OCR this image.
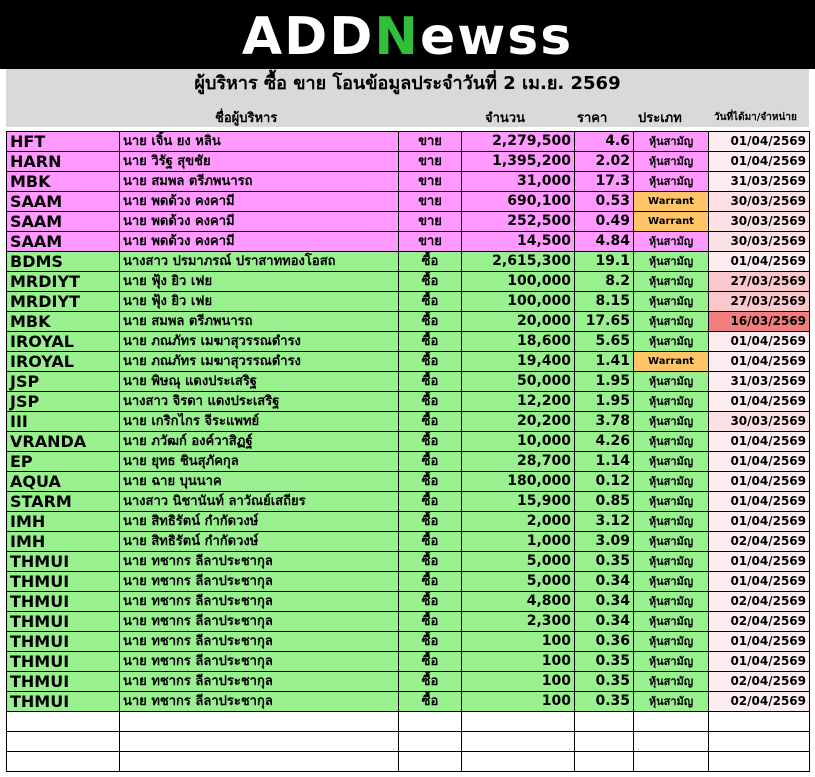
ADDNewss
ผู้บริหาร ซื้อ ขาย โอนข้อมูลประจำวันที่ 2 เม.ย. 2569
ชื่อผู้บริหาร	จำนวน	ราคา ประเภท	วันที่ได้มา/จำหน่าย
HFT	นาย เจิ้น ยง หลิน	ขาย	2,279,500	4.6	หุ้นสามัญ	01/04/2569
HARN	นาย วิรัฐ สุขชัย	ขาย	1,395,200	2.02	หุ้นสามัญ	01/04/2569
MBK	นาย สมพล ตรีภพนารถ	ขาย	31,000	17.3	หุ้นสามัญ	31/03/2569
SAAM	นาย พดด้วง คงคามี	ขาย	690,100	0.53	Warrant	30/03/2569
SAAM	นาย พดด้วง คงคามี	ขาย	252,500	0.49	Warrant	30/03/2569
SAAM	นาย พดด้วง คงคามี	ขาย	14,500	4.84	หุ้นสามัญ	30/03/2569
BDMS	นางสาว ปรมาภรณ์ ปราสาททองโอสถ	ซื้อ	2,615,300	19.1	หุ้นสามัญ	01/04/2569
MRDIYT	นาย ฟุ้ง ยิว เฟย	ซื้อ	100,000	8.2	หุ้นสามัญ	27/03/2569
MRDIYT	นาย ฟุ้ง ยิว เฟย	ซื้อ	100,000	8.15	หุ้นสามัญ	27/03/2569
MBK	นาย สมพล ตรีภพนารถ	ซื้อ	20,000	17.65	หุ้นสามัญ	16/03/2569
IROYAL	นาย ภณภัทร เมฆาสุวรรณดำรง	ซื้อ	18,600	5.65	หุ้นสามัญ	01/04/2569
IROYAL	นาย ภณภัทร เมฆาสุวรรณดำรง	ซื้อ	19,400	1.41	Warrant	01/04/2569
JSP	นาย พิษณุ แดงประเสริฐ	ซื้อ	50,000	1.95	หุ้นสามัญ	31/03/2569
JSP	นางสาว จิรดา แดงประเสริฐ	ซื้อ	12,200	1.95	หุ้นสามัญ	01/04/2569
III	นาย เกริกไกร จีระแพทย์	ซื้อ	20,200	3.78	หุ้นสามัญ	30/03/2569
VRANDA	นาย ภวัฒก์ องค์วาสิฏฐ์	ซื้อ	10,000	4.26	หุ้นสามัญ	01/04/2569
EP	นาย ยุทธ ชินสุภัคกุล	ซื้อ	28,700	1.14	หุ้นสามัญ	01/04/2569
AQUA	นาย ฉาย บุนนาค	ซื้อ	180,000	0.12	หุ้นสามัญ	01/04/2569
STARM	นางสาว นิชานันท์ ลาวัณย์เสถียร	ซื้อ	15,900	0.85	หุ้นสามัญ	01/04/2569
IMH	นาย สิทธิรัตน์ กำกัดวงษ์	ซื้อ	2,000	3.12	หุ้นสามัญ	01/04/2569
IMH	นาย สิทธิรัตน์ กำกัดวงษ์	ซื้อ	1,000	3.09	หุ้นสามัญ	02/04/2569
THMUI	นาย ทชากร ลีลาประชากุล	ซื้อ	5,000	0.35	หุ้นสามัญ	01/04/2569
THMUI	นาย ทชากร ลีลาประชากุล	ซื้อ	5,000	0.34	หุ้นสามัญ	01/04/2569
THMUI	นาย ทชากร ลีลาประชากุล	ซื้อ	4,800	0.34	หุ้นสามัญ	02/04/2569
THMUI	นาย ทชากร ลีลาประชากุล	ซื้อ	2,300	0.34	หุ้นสามัญ	02/04/2569
THMUI	นาย ทชากร ลีลาประชากุล	ซื้อ	100	0.36	หุ้นสามัญ	01/04/2569
THMUI	นาย ทชากร ลีลาประชากุล	ซื้อ	100	0.35	หุ้นสามัญ	01/04/2569
THMUI	นาย ทชากร ลีลาประชากุล	ซื้อ	100	0.35	หุ้นสามัญ	02/04/2569
THMUI	นาย ทชากร ลีลาประชากุล	ซื้อ	100	0.35	หุ้นสามัญ	02/04/2569
